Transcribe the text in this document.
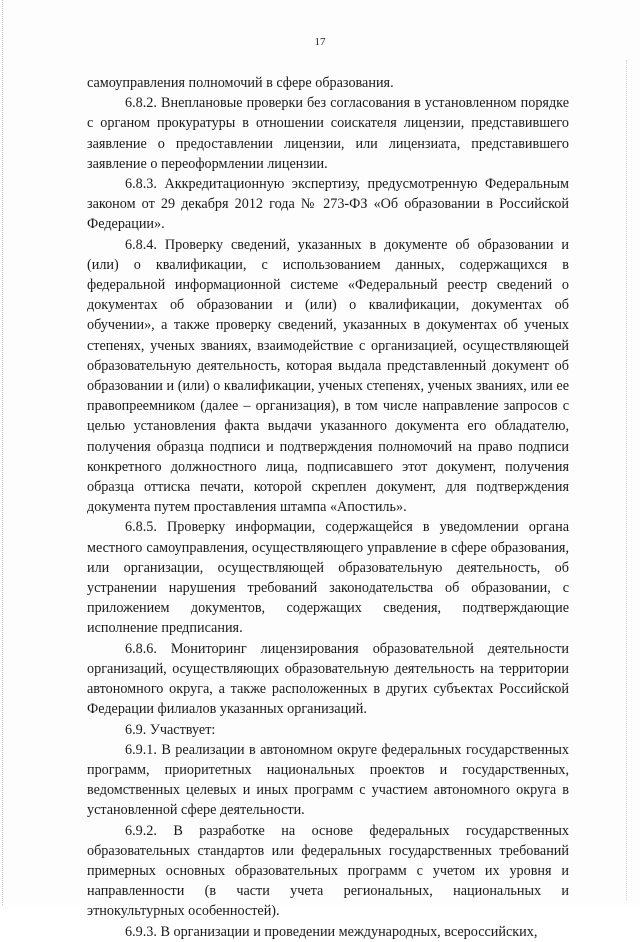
17

самоуправления полномочий в сфере образования.

6.8.2. Внеплановые проверки без согласования в установленном порядке с органом прокуратуры в отношении соискателя лицензии, представившего заявление о предоставлении лицензии, или лицензиата, представившего заявление о переоформлении лицензии.

6.8.3. Аккредитационную экспертизу, предусмотренную Федеральным законом от 29 декабря 2012 года № 273-ФЗ «Об образовании в Российской Федерации».

6.8.4. Проверку сведений, указанных в документе об образовании и (или) о квалификации, с использованием данных, содержащихся в федеральной информационной системе «Федеральный реестр сведений о документах об образовании и (или) о квалификации, документах об обучении», а также проверку сведений, указанных в документах об ученых степенях, ученых званиях, взаимодействие с организацией, осуществляющей образовательную деятельность, которая выдала представленный документ об образовании и (или) о квалификации, ученых степенях, ученых званиях, или ее правопреемником (далее – организация), в том числе направление запросов с целью установления факта выдачи указанного документа его обладателю, получения образца подписи и подтверждения полномочий на право подписи конкретного должностного лица, подписавшего этот документ, получения образца оттиска печати, которой скреплен документ, для подтверждения документа путем проставления штампа «Апостиль».

6.8.5. Проверку информации, содержащейся в уведомлении органа местного самоуправления, осуществляющего управление в сфере образования, или организации, осуществляющей образовательную деятельность, об устранении нарушения требований законодательства об образовании, с приложением документов, содержащих сведения, подтверждающие исполнение предписания.

6.8.6. Мониторинг лицензирования образовательной деятельности организаций, осуществляющих образовательную деятельность на территории автономного округа, а также расположенных в других субъектах Российской Федерации филиалов указанных организаций.

6.9. Участвует:

6.9.1. В реализации в автономном округе федеральных государственных программ, приоритетных национальных проектов и государственных, ведомственных целевых и иных программ с участием автономного округа в установленной сфере деятельности.

6.9.2. В разработке на основе федеральных государственных образовательных стандартов или федеральных государственных требований примерных основных образовательных программ с учетом их уровня и направленности (в части учета региональных, национальных и этнокультурных особенностей).

6.9.3. В организации и проведении международных, всероссийских,
